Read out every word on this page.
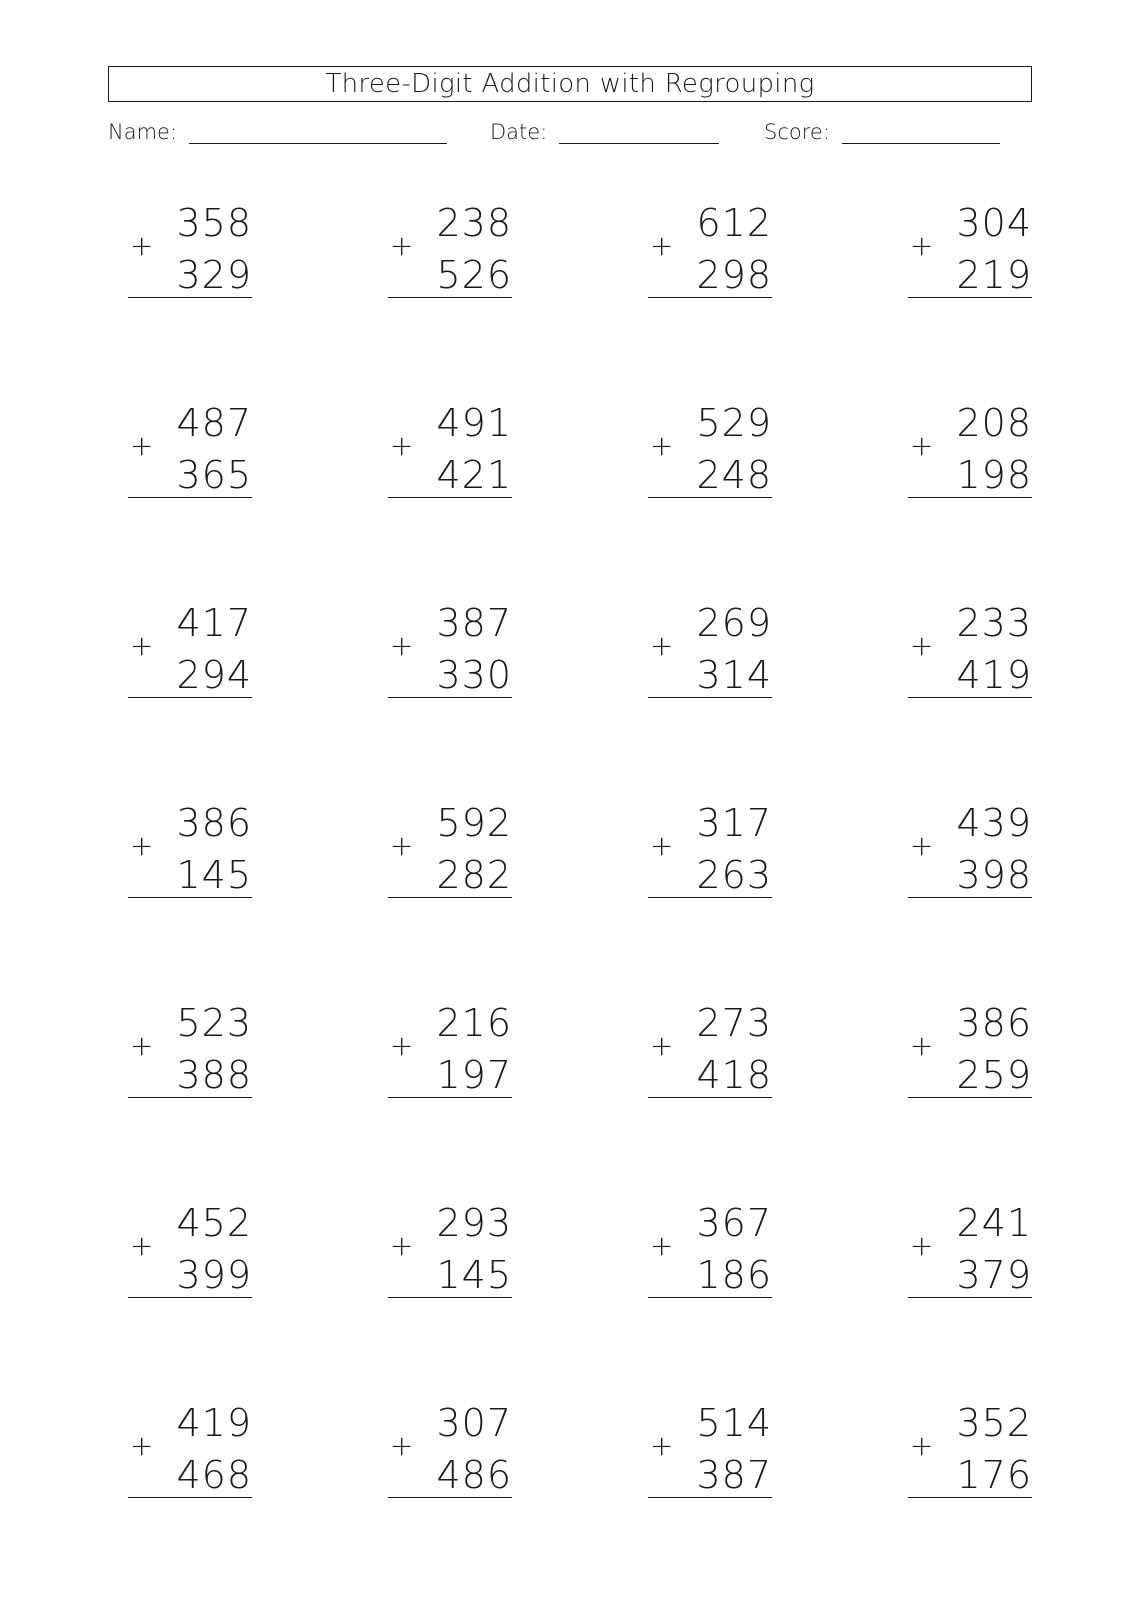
Three-Digit Addition with Regrouping
Name:	Date:	Score:
358
+
329
238
+
526
612
+
298
304
+
219
487
+
365
491
+
421
529
+
248
208
+
198
417
+
294
387
+
330
269
+
314
233
+
419
386
+
145
592
+
282
317
+
263
439
+
398
523
+
388
216
+
197
273
+
418
386
+
259
452
+
399
293
+
145
367
+
186
241
+
379
419
+
468
307
+
486
514
+
387
352
+
176
